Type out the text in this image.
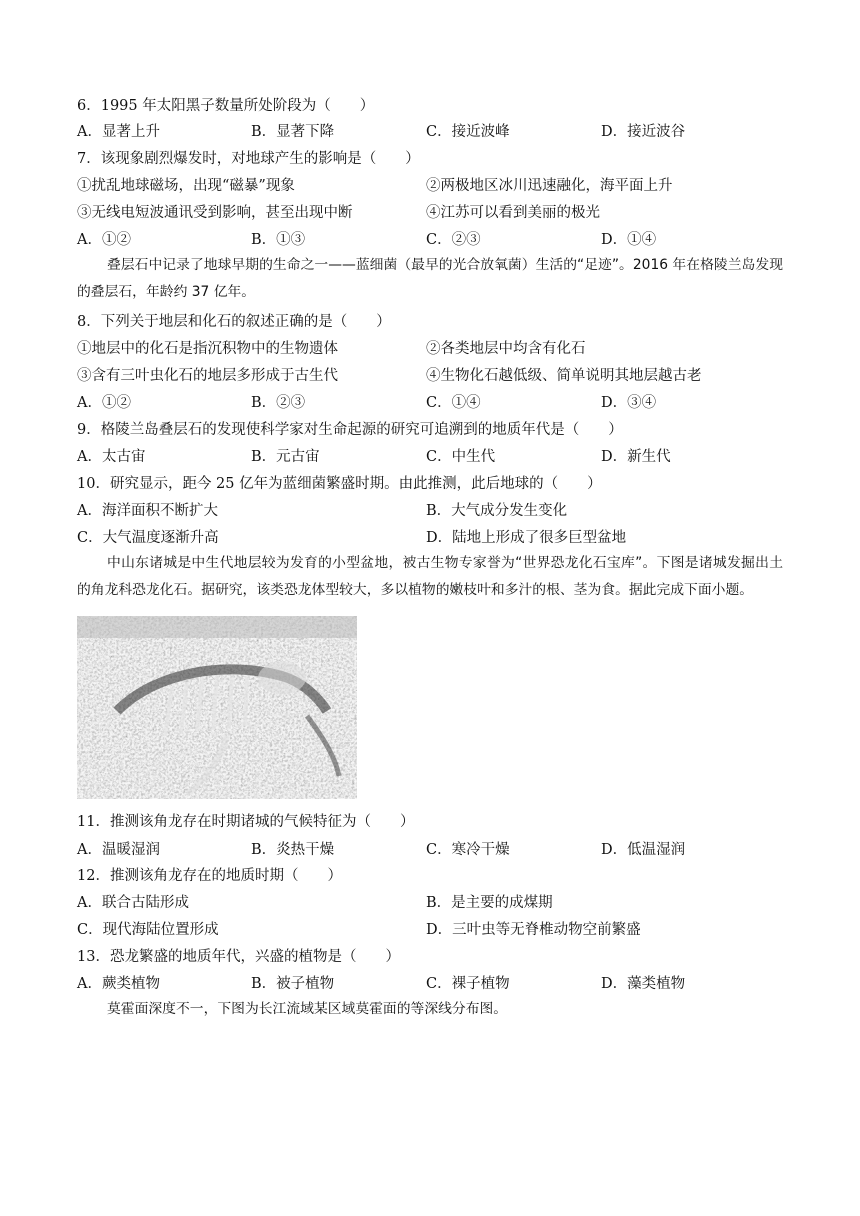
6．1995 年太阳黑子数量所处阶段为（　　）
A．显著上升	B．显著下降	C．接近波峰	D．接近波谷
7．该现象剧烈爆发时，对地球产生的影响是（　　）
①扰乱地球磁场，出现“磁暴”现象	②两极地区冰川迅速融化，海平面上升
③无线电短波通讯受到影响，甚至出现中断	④江苏可以看到美丽的极光
A．①②	B．①③	C．②③	D．①④
叠层石中记录了地球早期的生命之一——蓝细菌（最早的光合放氧菌）生活的“足迹”。2016 年在格陵兰岛发现的叠层石，年龄约 37 亿年。
8．下列关于地层和化石的叙述正确的是（　　）
①地层中的化石是指沉积物中的生物遗体	②各类地层中均含有化石
③含有三叶虫化石的地层多形成于古生代	④生物化石越低级、简单说明其地层越古老
A．①②	B．②③	C．①④	D．③④
9．格陵兰岛叠层石的发现使科学家对生命起源的研究可追溯到的地质年代是（　　）
A．太古宙	B．元古宙	C．中生代	D．新生代
10．研究显示，距今 25 亿年为蓝细菌繁盛时期。由此推测，此后地球的（　　）
A．海洋面积不断扩大	B．大气成分发生变化
C．大气温度逐渐升高	D．陆地上形成了很多巨型盆地
中山东诸城是中生代地层较为发育的小型盆地，被古生物专家誉为“世界恐龙化石宝库”。下图是诸城发掘出土的角龙科恐龙化石。据研究，该类恐龙体型较大，多以植物的嫩枝叶和多汁的根、茎为食。据此完成下面小题。
11．推测该角龙存在时期诸城的气候特征为（　　）
A．温暖湿润	B．炎热干燥	C．寒冷干燥	D．低温湿润
12．推测该角龙存在的地质时期（　　）
A．联合古陆形成	B．是主要的成煤期
C．现代海陆位置形成	D．三叶虫等无脊椎动物空前繁盛
13．恐龙繁盛的地质年代，兴盛的植物是（　　）
A．蕨类植物	B．被子植物	C．裸子植物	D．藻类植物
莫霍面深度不一，下图为长江流域某区域莫霍面的等深线分布图。
